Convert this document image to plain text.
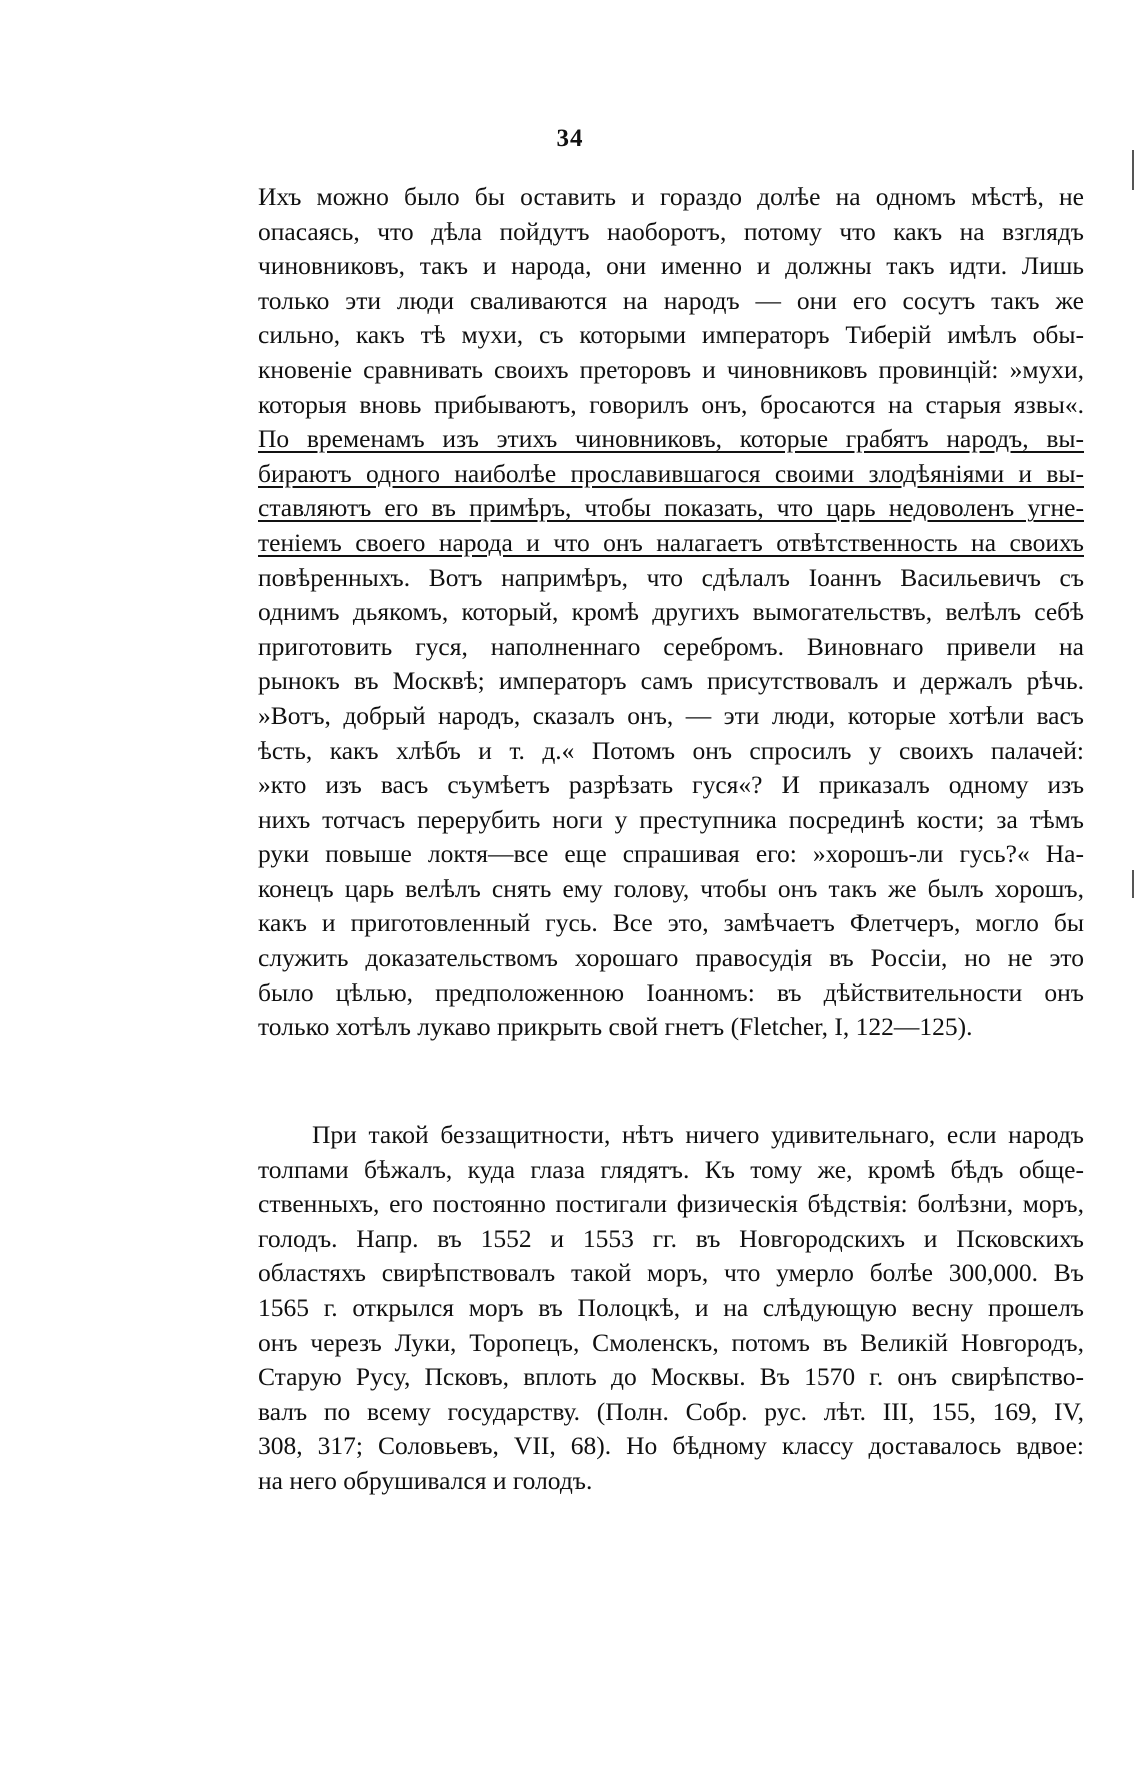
34
Ихъ можно было бы оставить и гораздо долѣе на одномъ мѣстѣ, не
опасаясь, что дѣла пойдутъ наоборотъ, потому что какъ на взглядъ
чиновниковъ, такъ и народа, они именно и должны такъ идти. Лишь
только эти люди сваливаются на народъ — они его сосутъ такъ же
сильно, какъ тѣ мухи, съ которыми императоръ Тиберій имѣлъ обы-
кновеніе сравнивать своихъ преторовъ и чиновниковъ провинцій: »мухи,
которыя вновь прибываютъ, говорилъ онъ, бросаются на старыя язвы«.
По временамъ изъ этихъ чиновниковъ, которые грабятъ народъ, вы-
бираютъ одного наиболѣе прославившагося своими злодѣяніями и вы-
ставляютъ его въ примѣръ, чтобы показать, что царь недоволенъ угне-
теніемъ своего народа и что онъ налагаетъ отвѣтственность на своихъ
повѣренныхъ. Вотъ напримѣръ, что сдѣлалъ Іоаннъ Васильевичъ съ
однимъ дьякомъ, который, кромѣ другихъ вымогательствъ, велѣлъ себѣ
приготовить гуся, наполненнаго серебромъ. Виновнаго привели на
рынокъ въ Москвѣ; императоръ самъ присутствовалъ и держалъ рѣчь.
»Вотъ, добрый народъ, сказалъ онъ, — эти люди, которые хотѣли васъ
ѣсть, какъ хлѣбъ и т. д.« Потомъ онъ спросилъ у своихъ палачей:
»кто изъ васъ съумѣетъ разрѣзать гуся«? И приказалъ одному изъ
нихъ тотчасъ перерубить ноги у преступника посрединѣ кости; за тѣмъ
руки повыше локтя—все еще спрашивая его: »хорошъ-ли гусь?« На-
конецъ царь велѣлъ снять ему голову, чтобы онъ такъ же былъ хорошъ,
какъ и приготовленный гусь. Все это, замѣчаетъ Флетчеръ, могло бы
служить доказательствомъ хорошаго правосудія въ Россіи, но не это
было цѣлью, предположенною Іоанномъ: въ дѣйствительности онъ
только хотѣлъ лукаво прикрыть свой гнетъ (Fletcher, I, 122—125).
При такой беззащитности, нѣтъ ничего удивительнаго, если народъ
толпами бѣжалъ, куда глаза глядятъ. Къ тому же, кромѣ бѣдъ обще-
ственныхъ, его постоянно постигали физическія бѣдствія: болѣзни, моръ,
голодъ. Напр. въ 1552 и 1553 гг. въ Новгородскихъ и Псковскихъ
областяхъ свирѣпствовалъ такой моръ, что умерло болѣе 300,000. Въ
1565 г. открылся моръ въ Полоцкѣ, и на слѣдующую весну прошелъ
онъ черезъ Луки, Торопецъ, Смоленскъ, потомъ въ Великій Новгородъ,
Старую Русу, Псковъ, вплоть до Москвы. Въ 1570 г. онъ свирѣпство-
валъ по всему государству. (Полн. Собр. рус. лѣт. III, 155, 169, IV,
308, 317; Соловьевъ, VII, 68). Но бѣдному классу доставалось вдвое:
на него обрушивался и голодъ.
